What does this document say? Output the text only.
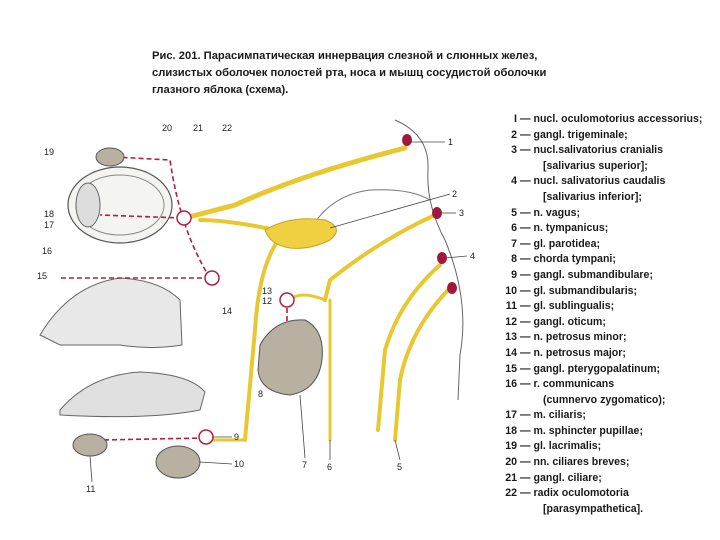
Рис. 201. Парасимпатическая иннервация слезной и слюнных желез,
слизистых оболочек полостей рта, носа и мышц сосудистой оболочки
глазного яблока (схема).
1
2
3
4
5
6
7
8
9
10
11
12
13
14
15
16
17
18
19
20 21 22
I — nucl. oculomotorius accessorius;
2 — gangl. trigeminale;
3 — nucl.salivatorius cranialis
[salivarius superior];
4 — nucl. salivatorius caudalis
[salivarius inferior];
5 — n. vagus;
6 — n. tympanicus;
7 — gl. parotidea;
8 — chorda tympani;
9 — gangl. submandibulare;
10 — gl. submandibularis;
11 — gl. sublingualis;
12 — gangl. oticum;
13 — n. petrosus minor;
14 — n. petrosus major;
15 — gangl. pterygopalatinum;
16 — r. communicans
(cumnervo zygomatico);
17 — m. ciliaris;
18 — m. sphincter pupillae;
19 — gl. lacrimalis;
20 — nn. ciliares breves;
21 — gangl. ciliare;
22 — radix oculomotoria
[parasympathetica].
